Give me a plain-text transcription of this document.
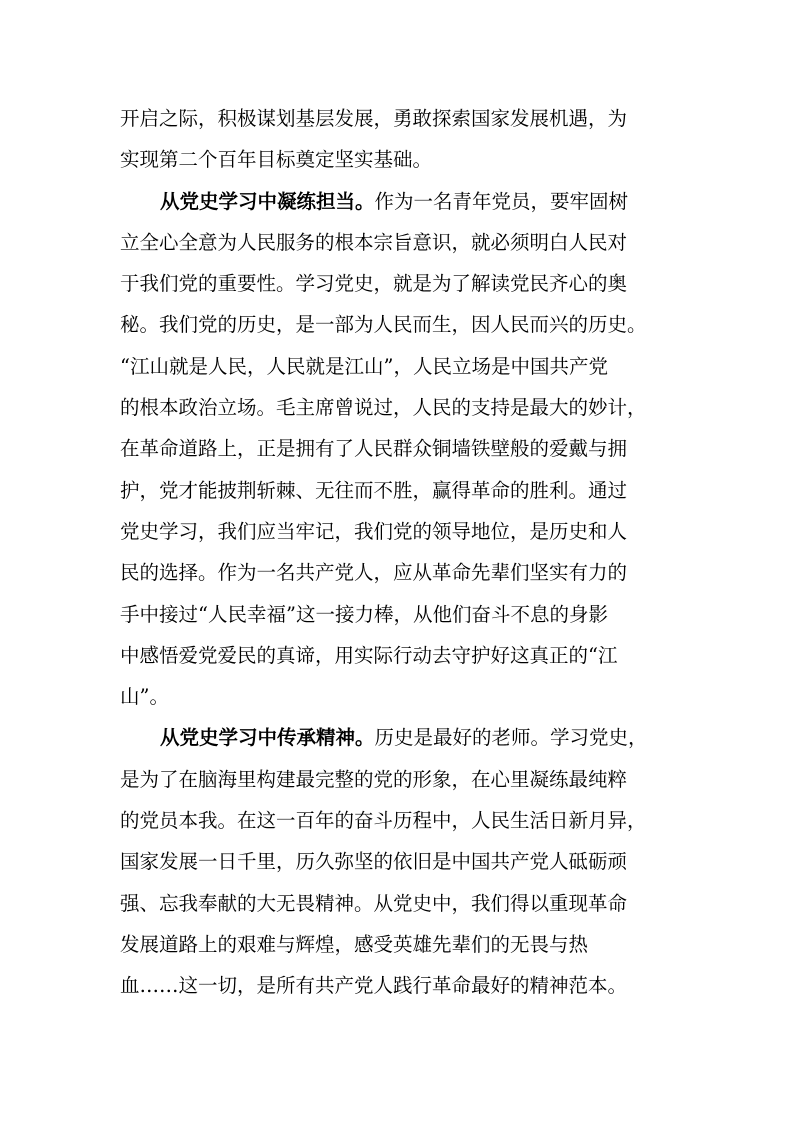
开启之际，积极谋划基层发展，勇敢探索国家发展机遇，为
实现第二个百年目标奠定坚实基础。
从党史学习中凝练担当。作为一名青年党员，要牢固树
立全心全意为人民服务的根本宗旨意识，就必须明白人民对
于我们党的重要性。学习党史，就是为了解读党民齐心的奥
秘。我们党的历史，是一部为人民而生，因人民而兴的历史。
“江山就是人民，人民就是江山”，人民立场是中国共产党
的根本政治立场。毛主席曾说过，人民的支持是最大的妙计，
在革命道路上，正是拥有了人民群众铜墙铁壁般的爱戴与拥
护，党才能披荆斩棘、无往而不胜，赢得革命的胜利。通过
党史学习，我们应当牢记，我们党的领导地位，是历史和人
民的选择。作为一名共产党人，应从革命先辈们坚实有力的
手中接过“人民幸福”这一接力棒，从他们奋斗不息的身影
中感悟爱党爱民的真谛，用实际行动去守护好这真正的“江
山”。
从党史学习中传承精神。历史是最好的老师。学习党史，
是为了在脑海里构建最完整的党的形象，在心里凝练最纯粹
的党员本我。在这一百年的奋斗历程中，人民生活日新月异，
国家发展一日千里，历久弥坚的依旧是中国共产党人砥砺顽
强、忘我奉献的大无畏精神。从党史中，我们得以重现革命
发展道路上的艰难与辉煌，感受英雄先辈们的无畏与热
血……这一切，是所有共产党人践行革命最好的精神范本。
